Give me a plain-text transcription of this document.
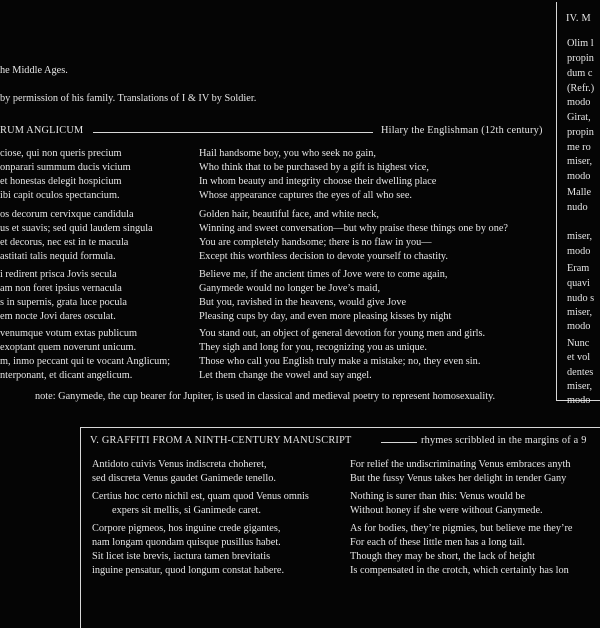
IV. M
Olim l
propin
dum c
(Refr.)
modo
Girat,
propin
me ro
miser,
modo
Malle
nudo
miser,
modo
Eram
quavi
nudo s
miser,
modo
Nunc
et vol
dentes
miser,
modo
he Middle Ages.
by permission of his family. Translations of I & IV by Soldier.
RUM ANGLICUM	Hilary the Englishman (12th century)
ciose, qui non queris precium
onparari summum ducis vicium
et honestas delegit hospicium
ibi capit oculos spectancium.
Hail handsome boy, you who seek no gain,
Who think that to be purchased by a gift is highest vice,
In whom beauty and integrity choose their dwelling place
Whose appearance captures the eyes of all who see.
os decorum cervixque candidula
us et suavis; sed quid laudem singula
et decorus, nec est in te macula
astitati talis nequid formula.
Golden hair, beautiful face, and white neck,
Winning and sweet conversation—but why praise these things one by one?
You are completely handsome; there is no flaw in you—
Except this worthless decision to devote yourself to chastity.
i redirent prisca Jovis secula
am non foret ipsius vernacula
s in supernis, grata luce pocula
em nocte Jovi dares osculat.
Believe me, if the ancient times of Jove were to come again,
Ganymede would no longer be Jove’s maid,
But you, ravished in the heavens, would give Jove
Pleasing cups by day, and even more pleasing kisses by night
venumque votum extas publicum
exoptant quem noverunt unicum.
m, inmo peccant qui te vocant Anglicum;
nterponant, et dicant angelicum.
You stand out, an object of general devotion for young men and girls.
They sigh and long for you, recognizing you as unique.
Those who call you English truly make a mistake; no, they even sin.
Let them change the vowel and say angel.
note: Ganymede, the cup bearer for Jupiter, is used in classical and medieval poetry to represent homosexuality.
V. GRAFFITI FROM A NINTH-CENTURY MANUSCRIPT	rhymes scribbled in the margins of a 9
Antidoto cuivis Venus indiscreta choheret,
sed discreta Venus gaudet Ganimede tenello.
For relief the undiscriminating Venus embraces anyth
But the fussy Venus takes her delight in tender Gany
Certius hoc certo nichil est, quam quod Venus omnis
expers sit mellis, si Ganimede caret.
Nothing is surer than this: Venus would be
Without honey if she were without Ganymede.
Corpore pigmeos, hos inguine crede gigantes,
nam longam quondam quisque pusillus habet.
Sit licet iste brevis, iactura tamen brevitatis
inguine pensatur, quod longum constat habere.
As for bodies, they’re pigmies, but believe me they’re
For each of these little men has a long tail.
Though they may be short, the lack of height
Is compensated in the crotch, which certainly has lon
